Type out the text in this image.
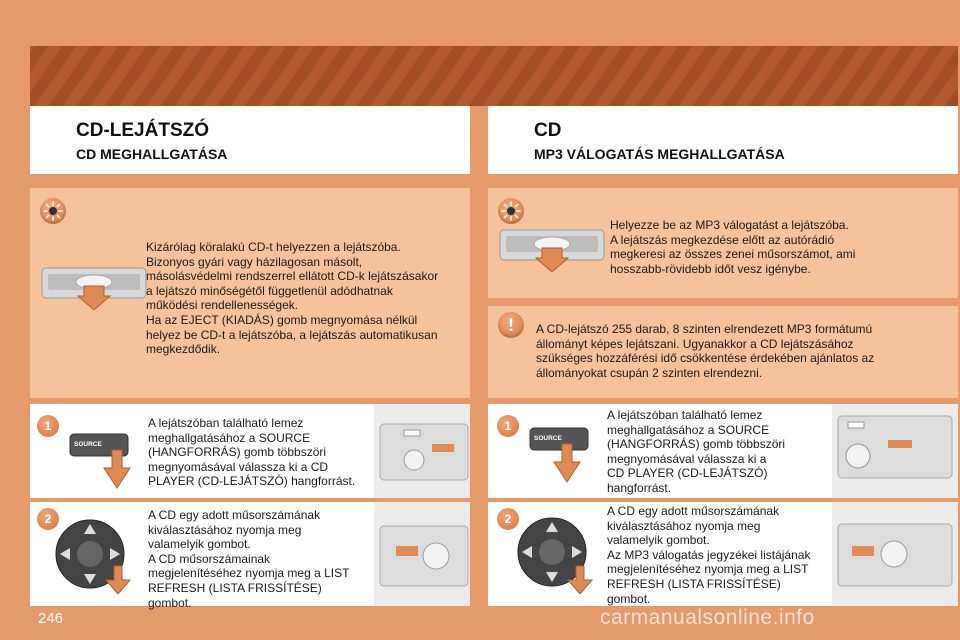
CD-LEJÁTSZÓ
CD MEGHALLGATÁSA
CD
MP3 VÁLOGATÁS MEGHALLGATÁSA
Kizárólag köralakú CD-t helyezzen a lejátszóba.
Bizonyos gyári vagy házilagosan másolt,
másolásvédelmi rendszerrel ellátott CD-k lejátszásakor
a lejátszó minőségétől függetlenül adódhatnak
működési rendellenességek.
Ha az EJECT (KIADÁS) gomb megnyomása nélkül
helyez be CD-t a lejátszóba, a lejátszás automatikusan
megkezdődik.
Helyezze be az MP3 válogatást a lejátszóba.
A lejátszás megkezdése előtt az autórádió
megkeresi az összes zenei műsorszámot, ami
hosszabb-rövidebb időt vesz igénybe.
!	A CD-lejátszó 255 darab, 8 szinten elrendezett MP3 formátumú
állományt képes lejátszani. Ugyanakkor a CD lejátszásához
szükséges hozzáférési idő csökkentése érdekében ajánlatos az
állományokat csupán 2 szinten elrendezni.
1
SOURCE
A lejátszóban található lemez
meghallgatásához a SOURCE
(HANGFORRÁS) gomb többszöri
megnyomásával válassza ki a CD
PLAYER (CD-LEJÁTSZÓ) hangforrást.
2	A CD egy adott műsorszámának
kiválasztásához nyomja meg
valamelyik gombot.
A CD műsorszámainak
megjelenítéséhez nyomja meg a LIST
REFRESH (LISTA FRISSÍTÉSE)
gombot.
1
SOURCE
A lejátszóban található lemez
meghallgatásához a SOURCE
(HANGFORRÁS) gomb többszöri
megnyomásával válassza ki a
CD PLAYER (CD-LEJÁTSZÓ)
hangforrást.
2
A CD egy adott műsorszámának
kiválasztásához nyomja meg
valamelyik gombot.
Az MP3 válogatás jegyzékei listájának
megjelenítéséhez nyomja meg a LIST
REFRESH (LISTA FRISSÍTÉSE)
gombot.
246	carmanualsonline.info
